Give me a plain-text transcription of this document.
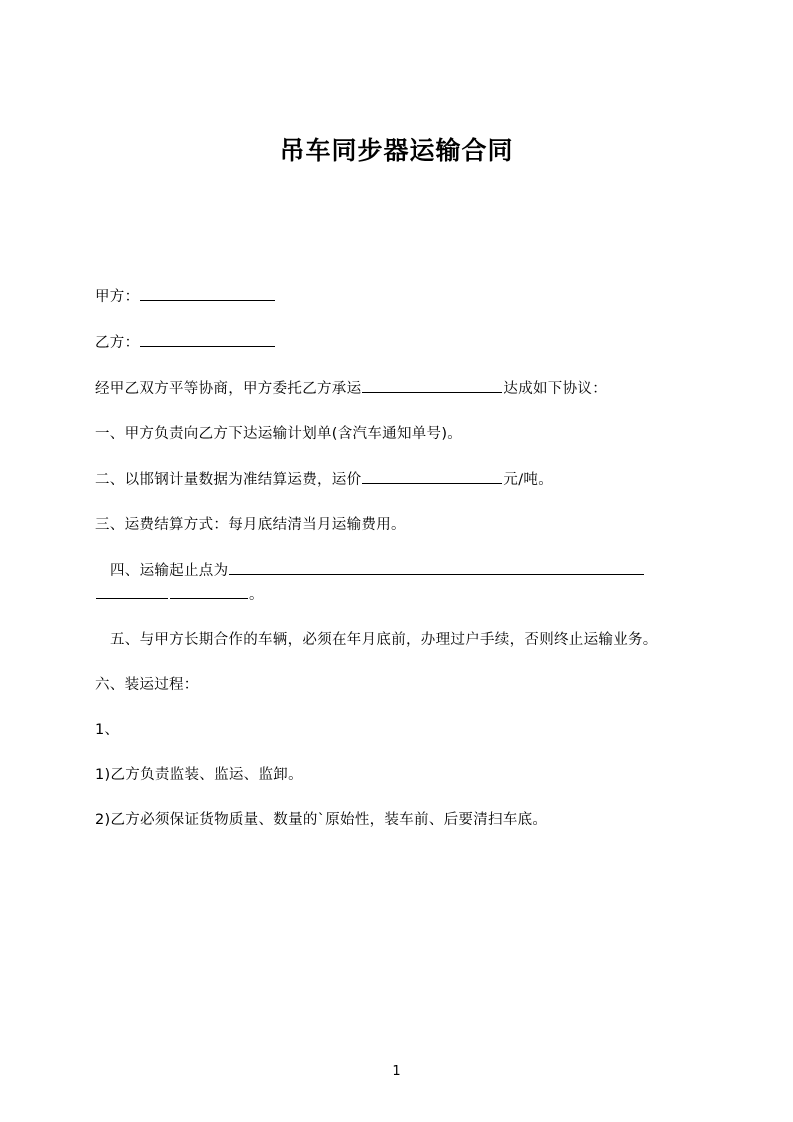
吊车同步器运输合同

甲方：

乙方：

经甲乙双方平等协商，甲方委托乙方承运	达成如下协议：

一、甲方负责向乙方下达运输计划单(含汽车通知单号)。

二、以邯钢计量数据为准结算运费，运价	元/吨。

三、运费结算方式：每月底结清当月运输费用。

四、运输起止点为。

五、与甲方长期合作的车辆，必须在年月底前，办理过户手续，否则终止运输业务。

六、装运过程：

1、

1)乙方负责监装、监运、监卸。

2)乙方必须保证货物质量、数量的`原始性，装车前、后要清扫车底。

1
